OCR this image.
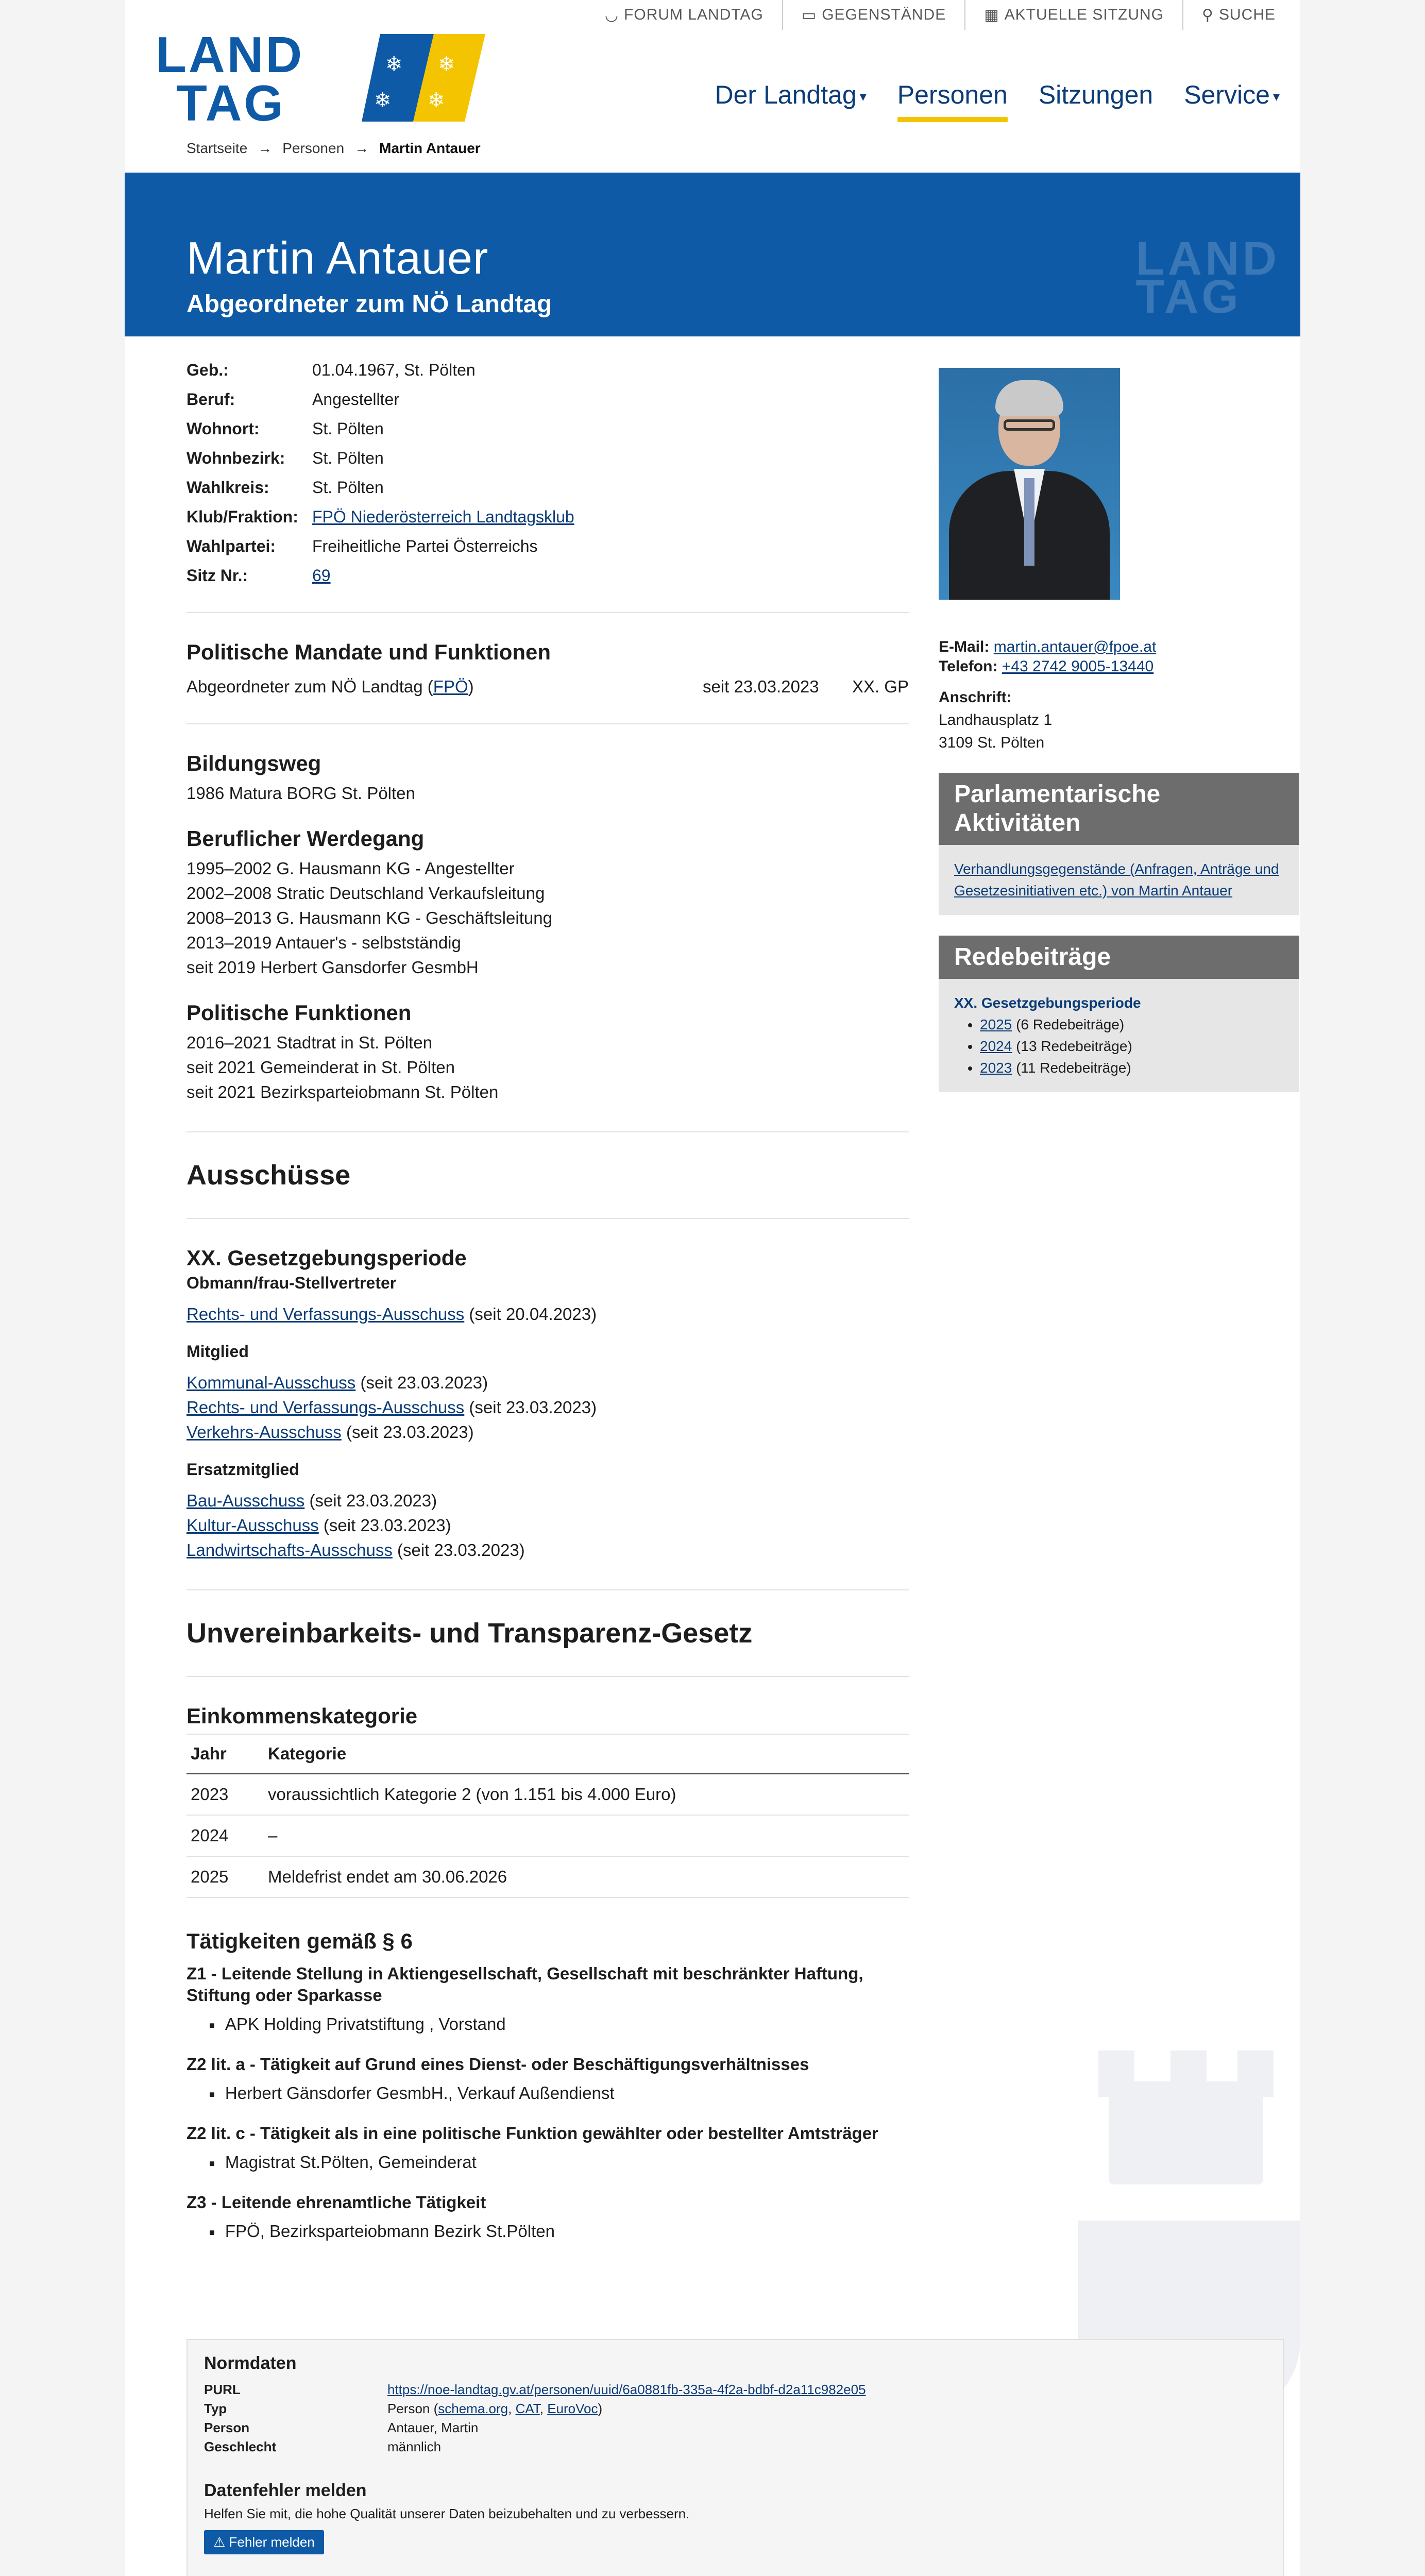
◡ FORUM LANDTAG ▭ GEGENSTÄNDE ▦ AKTUELLE SITZUNG ⚲ SUCHE
LAND
TAG
❄
❄
❄
❄	Der Landtag ▾ Personen Sitzungen Service ▾
Startseite → Personen → Martin Antauer
Martin Antauer
Abgeordneter zum NÖ Landtag
LAND
TAG
Geb.:	01.04.1967, St. Pölten
Beruf:	Angestellter
Wohnort:	St. Pölten
Wohnbezirk:	St. Pölten
Wahlkreis:	St. Pölten
Klub/Fraktion: FPÖ Niederösterreich Landtagsklub
Wahlpartei:	Freiheitliche Partei Österreichs
Sitz Nr.:	69
Politische Mandate und Funktionen
Abgeordneter zum NÖ Landtag (FPÖ)	seit 23.03.2023	XX. GP
Bildungsweg
1986 Matura BORG St. Pölten
Beruflicher Werdegang
1995–2002 G. Hausmann KG - Angestellter
2002–2008 Stratic Deutschland Verkaufsleitung
2008–2013 G. Hausmann KG - Geschäftsleitung
2013–2019 Antauer's - selbstständig
seit 2019 Herbert Gansdorfer GesmbH
Politische Funktionen
2016–2021 Stadtrat in St. Pölten
seit 2021 Gemeinderat in St. Pölten
seit 2021 Bezirksparteiobmann St. Pölten
Ausschüsse
XX. Gesetzgebungsperiode
Obmann/frau-Stellvertreter
Rechts- und Verfassungs-Ausschuss (seit 20.04.2023)
Mitglied
Kommunal-Ausschuss (seit 23.03.2023)
Rechts- und Verfassungs-Ausschuss (seit 23.03.2023)
Verkehrs-Ausschuss (seit 23.03.2023)
Ersatzmitglied
Bau-Ausschuss (seit 23.03.2023)
Kultur-Ausschuss (seit 23.03.2023)
Landwirtschafts-Ausschuss (seit 23.03.2023)
Unvereinbarkeits- und Transparenz-Gesetz
Einkommenskategorie
Jahr	Kategorie
2023	voraussichtlich Kategorie 2 (von 1.151 bis 4.000 Euro)
2024	–
2025	Meldefrist endet am 30.06.2026
Tätigkeiten gemäß § 6
Z1 - Leitende Stellung in Aktiengesellschaft, Gesellschaft mit beschränkter Haftung, Stiftung oder Sparkasse
■ APK Holding Privatstiftung , Vorstand
Z2 lit. a - Tätigkeit auf Grund eines Dienst- oder Beschäftigungsverhältnisses
■ Herbert Gänsdorfer GesmbH., Verkauf Außendienst
Z2 lit. c - Tätigkeit als in eine politische Funktion gewählter oder bestellter Amtsträger
■ Magistrat St.Pölten, Gemeinderat
Z3 - Leitende ehrenamtliche Tätigkeit
■ FPÖ, Bezirksparteiobmann Bezirk St.Pölten
E-Mail: martin.antauer@fpoe.at
Telefon: +43 2742 9005-13440
Anschrift:
Landhausplatz 1
3109 St. Pölten
Parlamentarische Aktivitäten
Verhandlungsgegenstände (Anfragen, Anträge und Gesetzesinitiativen etc.) von Martin Antauer
Redebeiträge
XX. Gesetzgebungsperiode
• 2025 (6 Redebeiträge)
• 2024 (13 Redebeiträge)
• 2023 (11 Redebeiträge)
Normdaten
PURL	https://noe-landtag.gv.at/personen/uuid/6a0881fb-335a-4f2a-bdbf-d2a11c982e05
Typ	Person (schema.org, CAT, EuroVoc)
Person	Antauer, Martin
Geschlecht	männlich
Datenfehler melden
Helfen Sie mit, die hohe Qualität unserer Daten beizubehalten und zu verbessern.
⚠ Fehler melden
